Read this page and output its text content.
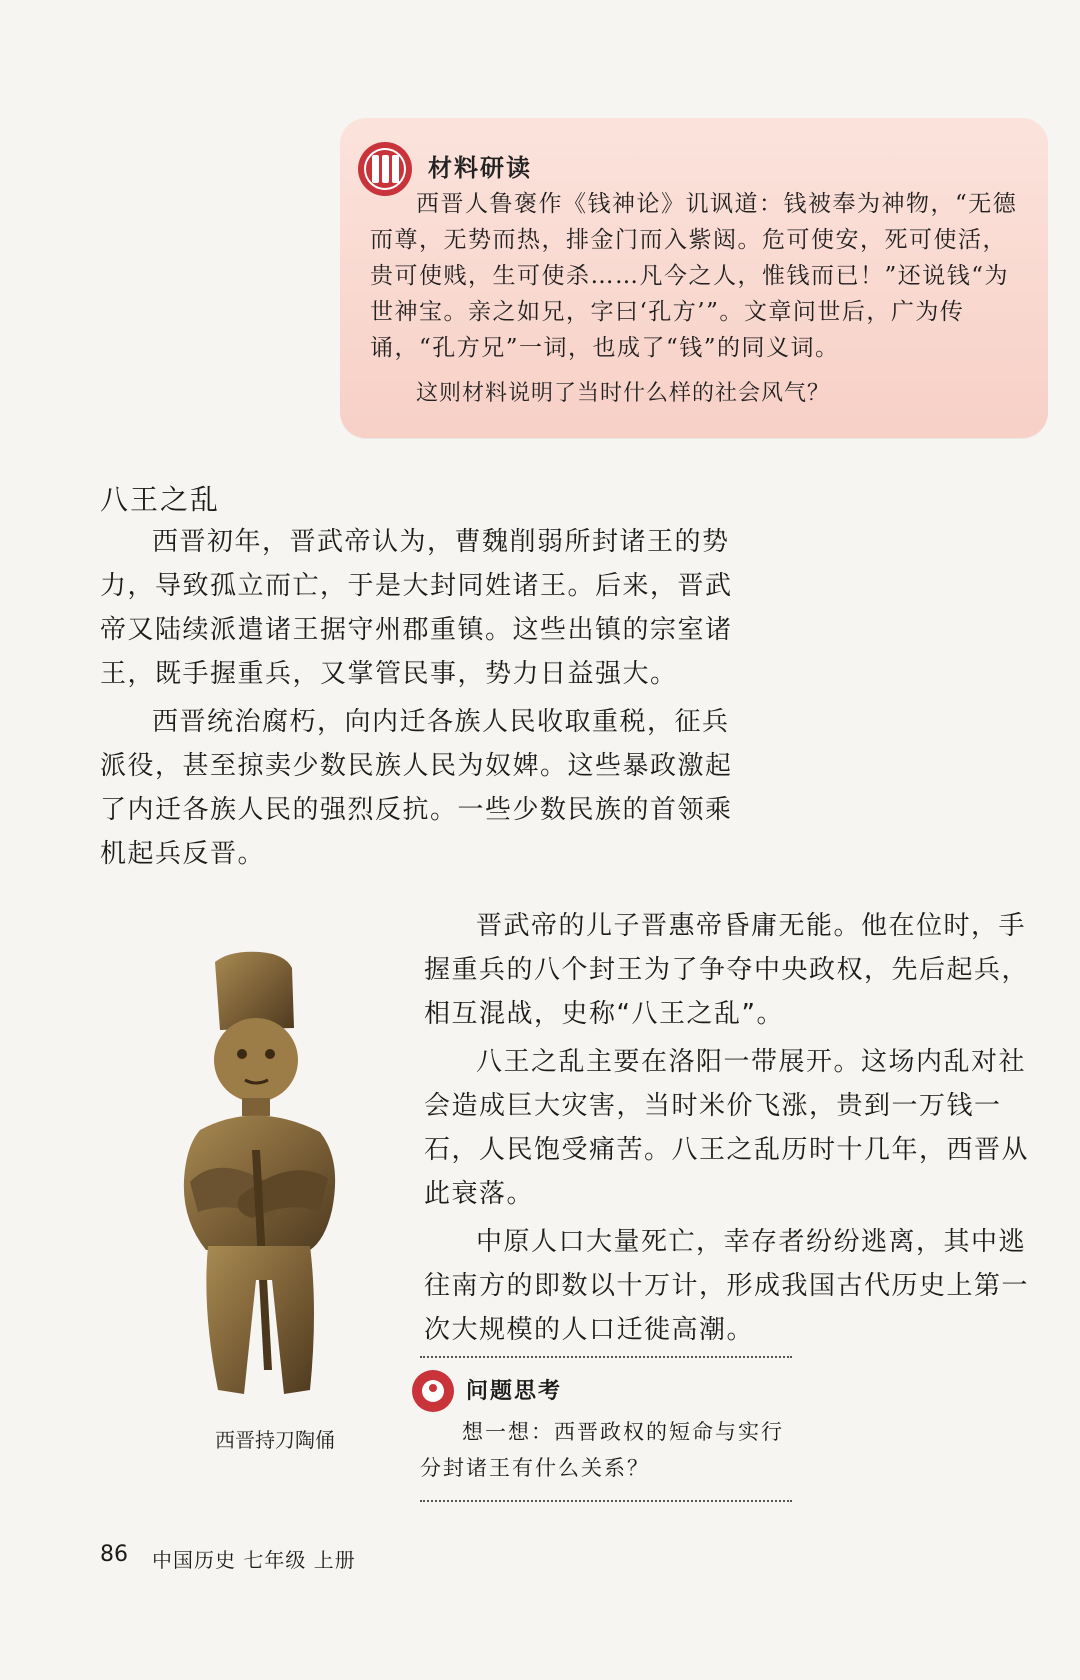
材料研读

西晋人鲁褒作《钱神论》讥讽道：钱被奉为神物，“无德而尊，无势而热，排金门而入紫闼。危可使安，死可使活，贵可使贱，生可使杀……凡今之人，惟钱而已！”还说钱“为世神宝。亲之如兄，字曰‘孔方’”。文章问世后，广为传诵，“孔方兄”一词，也成了“钱”的同义词。

这则材料说明了当时什么样的社会风气？
八王之乱

西晋初年，晋武帝认为，曹魏削弱所封诸王的势力，导致孤立而亡，于是大封同姓诸王。后来，晋武帝又陆续派遣诸王据守州郡重镇。这些出镇的宗室诸王，既手握重兵，又掌管民事，势力日益强大。

西晋统治腐朽，向内迁各族人民收取重税，征兵派役，甚至掠卖少数民族人民为奴婢。这些暴政激起了内迁各族人民的强烈反抗。一些少数民族的首领乘机起兵反晋。

西晋持刀陶俑

晋武帝的儿子晋惠帝昏庸无能。他在位时，手握重兵的八个封王为了争夺中央政权，先后起兵，相互混战，史称“八王之乱”。

八王之乱主要在洛阳一带展开。这场内乱对社会造成巨大灾害，当时米价飞涨，贵到一万钱一石，人民饱受痛苦。八王之乱历时十几年，西晋从此衰落。

中原人口大量死亡，幸存者纷纷逃离，其中逃往南方的即数以十万计，形成我国古代历史上第一次大规模的人口迁徙高潮。

问题思考

想一想：西晋政权的短命与实行分封诸王有什么关系？

86 中国历史 七年级 上册
